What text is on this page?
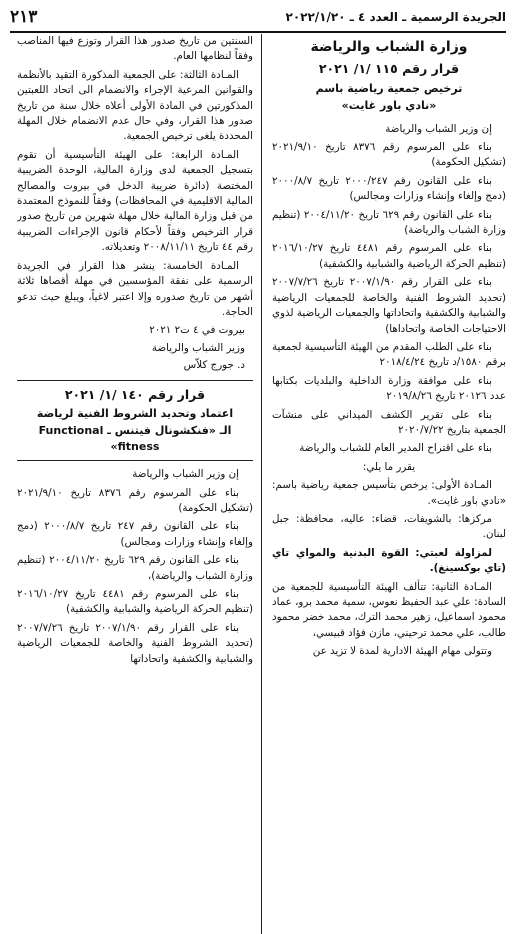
الجريدة الرسمية ـ العدد ٤ ـ ٢٠٢٢/١/٢٠
٢١٣
وزارة الشباب والرياضة
قرار رقم ١١٥ /١/ ٢٠٢١
ترخيص جمعية رياضية باسم
«نادي باور غايت»

إن وزير الشباب والرياضة

بناء على المرسوم رقم ٨٣٧٦ تاريخ ٢٠٢١/٩/١٠ (تشكيل الحكومة)

بناء على القانون رقم ٢٠٠٠/٢٤٧ تاريخ ٢٠٠٠/٨/٧ (دمج وإلغاء وإنشاء وزارات ومجالس)

بناء على القانون رقم ٦٢٩ تاريخ ٢٠٠٤/١١/٢٠ (تنظيم وزارة الشباب والرياضة)

بناء على المرسوم رقم ٤٤٨١ تاريخ ٢٠١٦/١٠/٢٧ (تنظيم الحركة الرياضية والشبابية والكشفية)

بناء على القرار رقم ٢٠٠٧/١/٩٠ تاريخ ٢٠٠٧/٧/٢٦ (تحديد الشروط الفنية والخاصة للجمعيات الرياضية والشبابية والكشفية واتحاداتها والجمعيات الرياضية لذوي الاحتياجات الخاصة واتحاداها)

بناء على الطلب المقدم من الهيئة التأسيسية لجمعية برقم ١٥٨٠/د تاريخ ٢٠١٨/٤/٢٤

بناء على موافقة وزارة الداخلية والبلديات بكتابها عدد ٢٠١٢٦ تاريخ ٢٠١٩/٨/٢٦

بناء على تقرير الكشف الميداني على منشآت الجمعية بتاريخ ٢٠٢٠/٧/٢٢

بناء على اقتراح المدير العام للشباب والرياضة

يقرر ما يلي:

المـادة الأولى: يرخص بتأسيس جمعية رياضية باسم: «نادي باور غايت».

مركزها: بالشويفات، قضاء: عاليه، محافظة: جبل لبنان.

لمزاولة لعبتي: القوة البدنية والمواي تاي (تاي بوكسينغ).

المـادة الثانية: تتألف الهيئة التأسيسية للجمعية من السادة: علي عبد الحفيظ نعوس، سمية محمد برو، عماد محمود اسماعيل، زهير محمد الترك، محمد خضر محمود طالب، علي محمد ترحيني، مازن فؤاد قبيسي،

وتتولى مهام الهيئة الادارية لمدة لا تزيد عن

السنتين من تاريخ صدور هذا القرار وتوزع فيها المناصب وفقاً لنظامها العام.

المـادة الثالثة: على الجمعية المذكورة التقيد بالأنظمة والقوانين المرعية الإجراء والانضمام الى اتحاد اللعبتين المذكورتين في المادة الأولى أعلاه خلال سنة من تاريخ صدور هذا القرار، وفي حال عدم الانضمام خلال المهلة المحددة يلغى ترخيص الجمعية.

المـادة الرابعة: على الهيئة التأسيسية أن تقوم بتسجيل الجمعية لدى وزارة المالية، الوحدة الضريبية المختصة (دائرة ضريبة الدخل في بيروت والمصالح المالية الاقليمية في المحافظات) وفقاً للنموذج المعتمدة من قبل وزارة المالية خلال مهلة شهرين من تاريخ صدور قرار الترخيص وفقاً لأحكام قانون الإجراءات الضريبية رقم ٤٤ تاريخ ٢٠٠٨/١١/١١ وتعديلاته.

المـادة الخامسة: ينشر هذا القرار في الجريدة الرسمية على نفقة المؤسسين في مهلة أقصاها ثلاثة أشهر من تاريخ صدوره وإلا اعتبر لاغياً، ويبلغ حيث تدعو الحاجة.

بيروت في ٤ ت٢ ٢٠٢١

وزير الشباب والرياضة

د. جورج كلاّس

قرار رقم ١٤٠ /١/ ٢٠٢١
اعتماد وتحديد الشروط الفنية لرياضة
الـ «فنكشونال فيتنس ـ Functional fitness»

إن وزير الشباب والرياضة

بناء على المرسوم رقم ٨٣٧٦ تاريخ ٢٠٢١/٩/١٠ (تشكيل الحكومة)

بناء على القانون رقم ٢٤٧ تاريخ ٢٠٠٠/٨/٧ (دمج وإلغاء وإنشاء وزارات ومجالس)

بناء على القانون رقم ٦٢٩ تاريخ ٢٠٠٤/١١/٢٠ (تنظيم وزارة الشباب والرياضة)،

بناء على المرسوم رقم ٤٤٨١ تاريخ ٢٠١٦/١٠/٢٧ (تنظيم الحركة الرياضية والشبابية والكشفية)

بناء على القرار رقم ٢٠٠٧/١/٩٠ تاريخ ٢٠٠٧/٧/٢٦ (تحديد الشروط الفنية والخاصة للجمعيات الرياضية والشبابية والكشفية واتحاداتها
